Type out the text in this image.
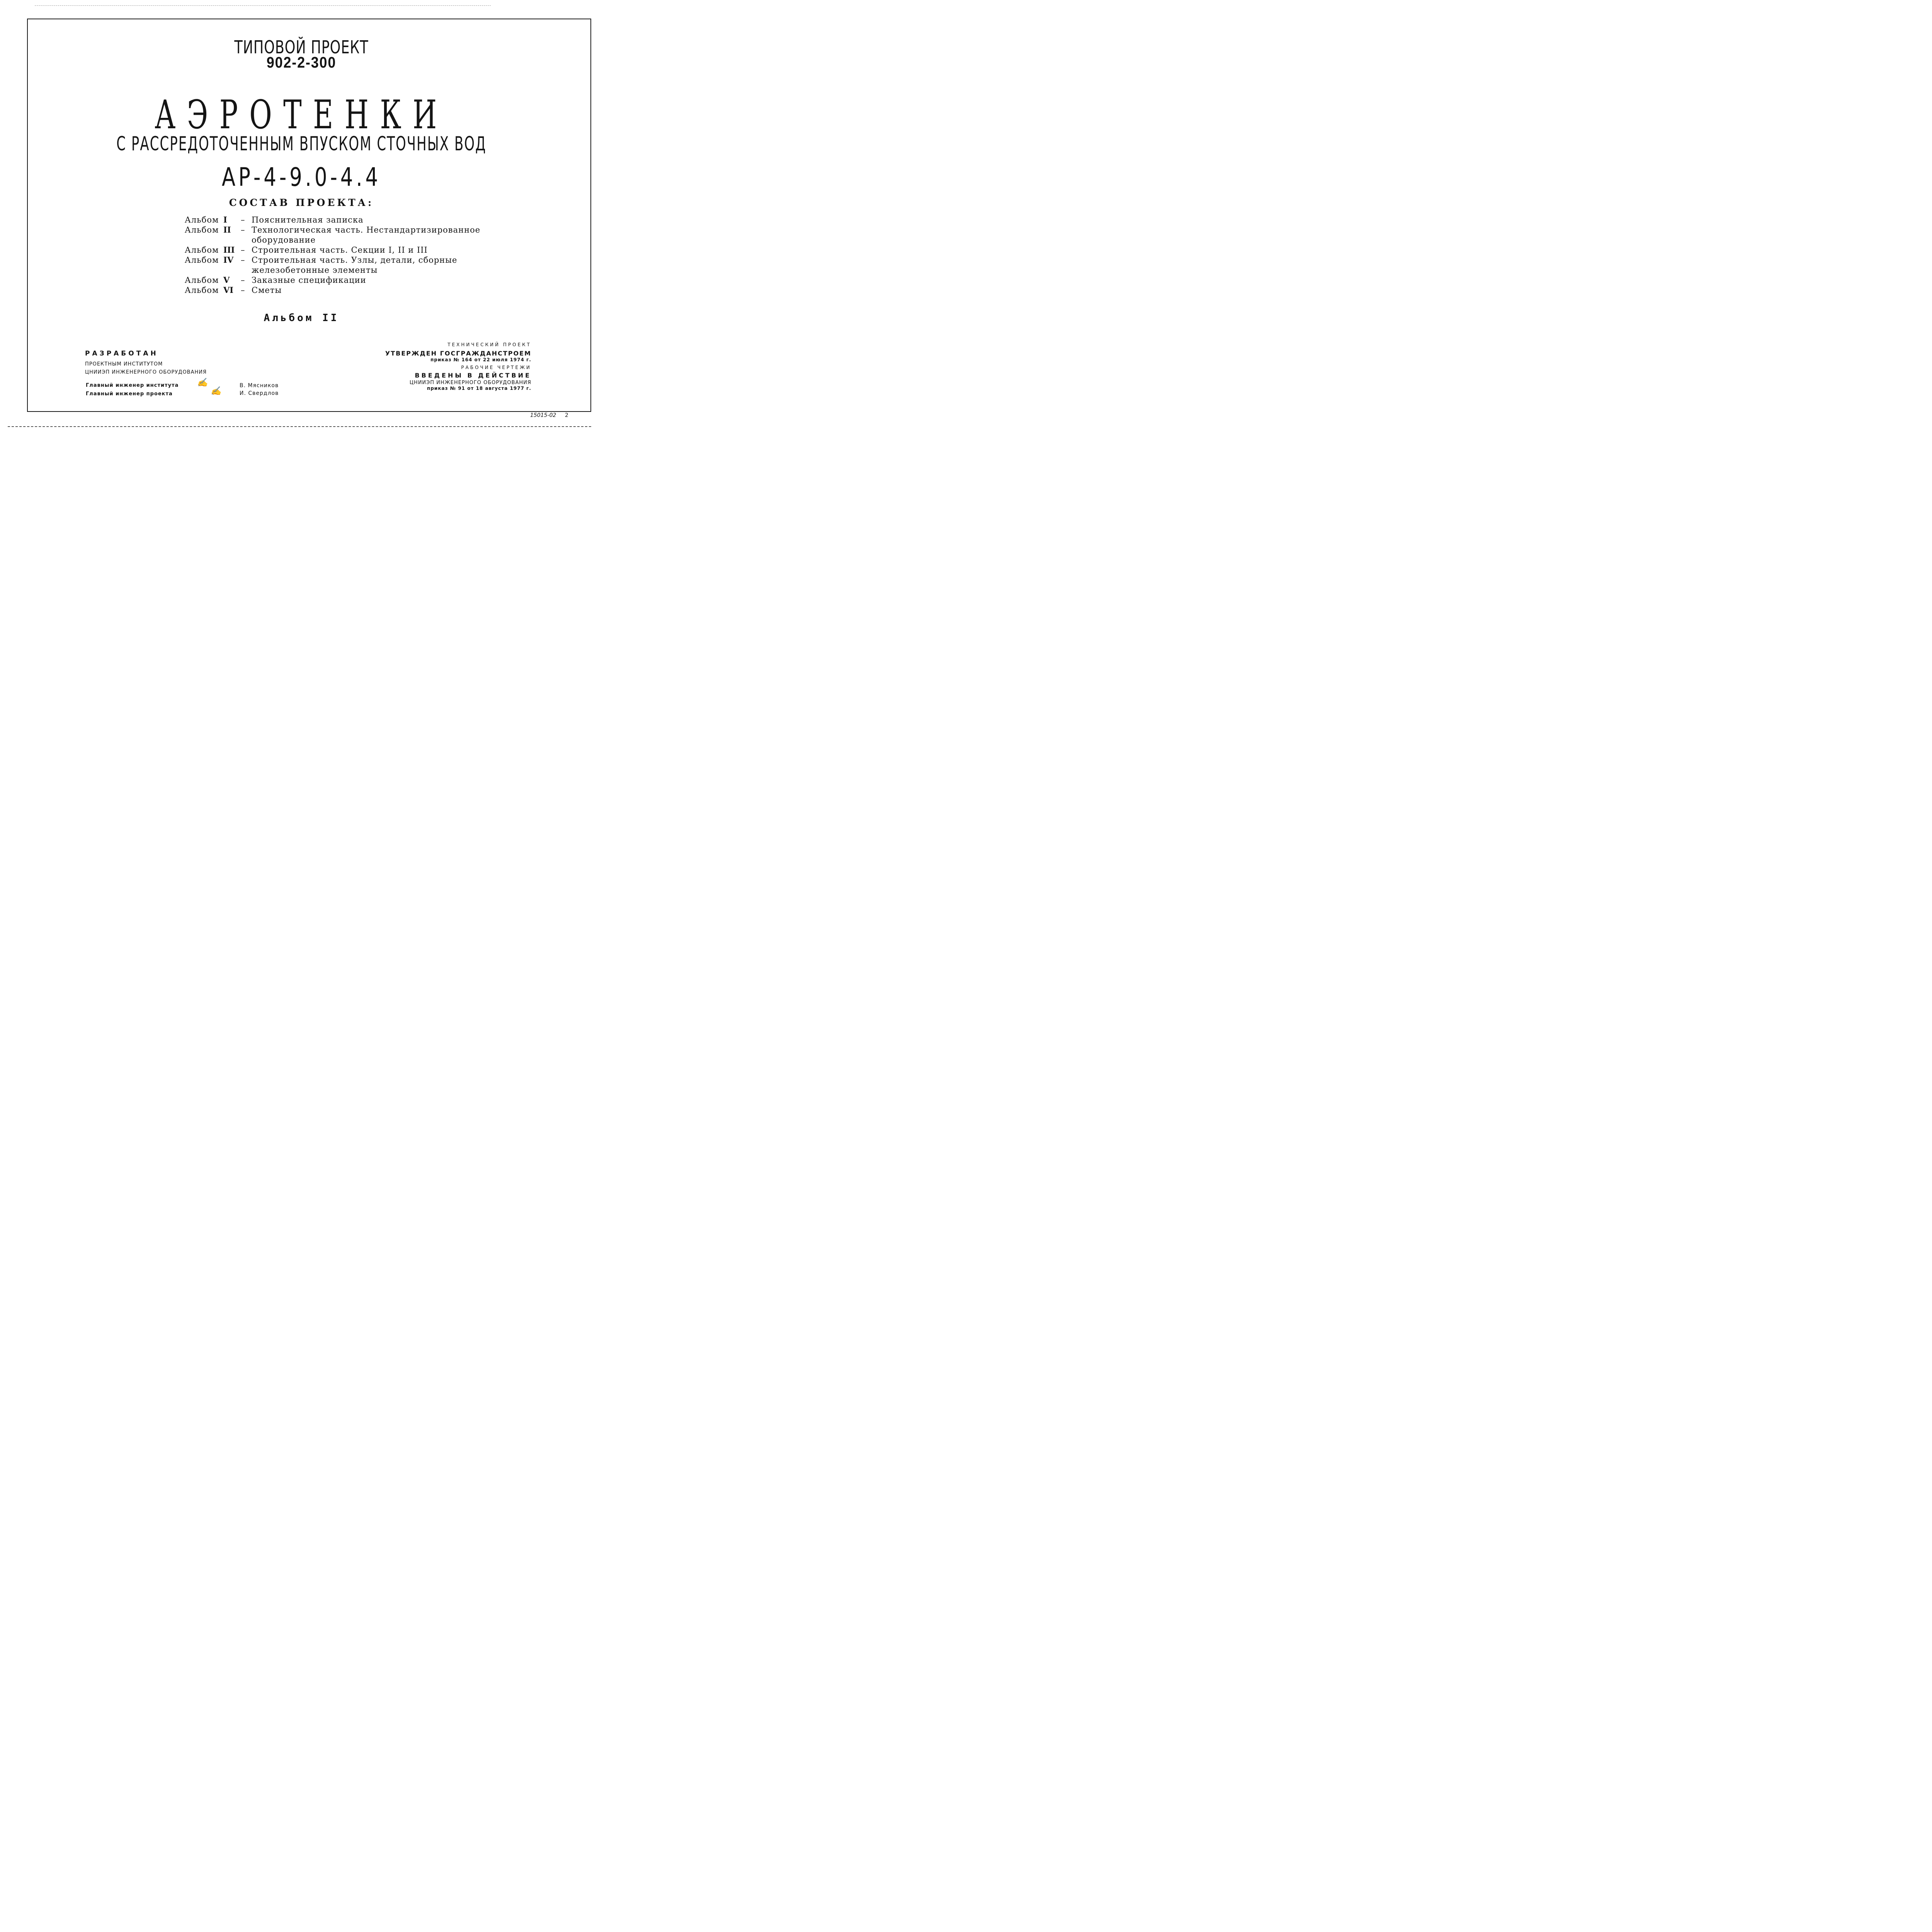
ТИПОВОЙ ПРОЕКТ
902-2-300
АЭРОТЕНКИ
С РАССРЕДОТОЧЕННЫМ ВПУСКОМ СТОЧНЫХ ВОД
АР-4-9.0-4.4
СОСТАВ ПРОЕКТА:
Альбом I	– Пояснительная записка
Альбом II	– Технологическая часть. Нестандартизированное
оборудование
Альбом III – Строительная часть. Секции I, II и III
Альбом IV – Строительная часть. Узлы, детали, сборные
железобетонные элементы
Альбом V	– Заказные спецификации
Альбом VI – Сметы
Альбом II
РАЗРАБОТАН
ПРОЕКТНЫМ ИНСТИТУТОМ
ЦНИИЭП ИНЖЕНЕРНОГО ОБОРУДОВАНИЯ
Главный инженер института ✍	В. Мясников
Главный инженер проекта	✍	И. Свердлов
ТЕХНИЧЕСКИЙ ПРОЕКТ
УТВЕРЖДЕН ГОСГРАЖДАНСТРОЕМ
приказ № 164 от 22 июля 1974 г.
РАБОЧИЕ ЧЕРТЕЖИ
ВВЕДЕНЫ В ДЕЙСТВИЕ
ЦНИИЭП ИНЖЕНЕРНОГО ОБОРУДОВАНИЯ
приказ № 91 от 18 августа 1977 г.
15015-02 2
